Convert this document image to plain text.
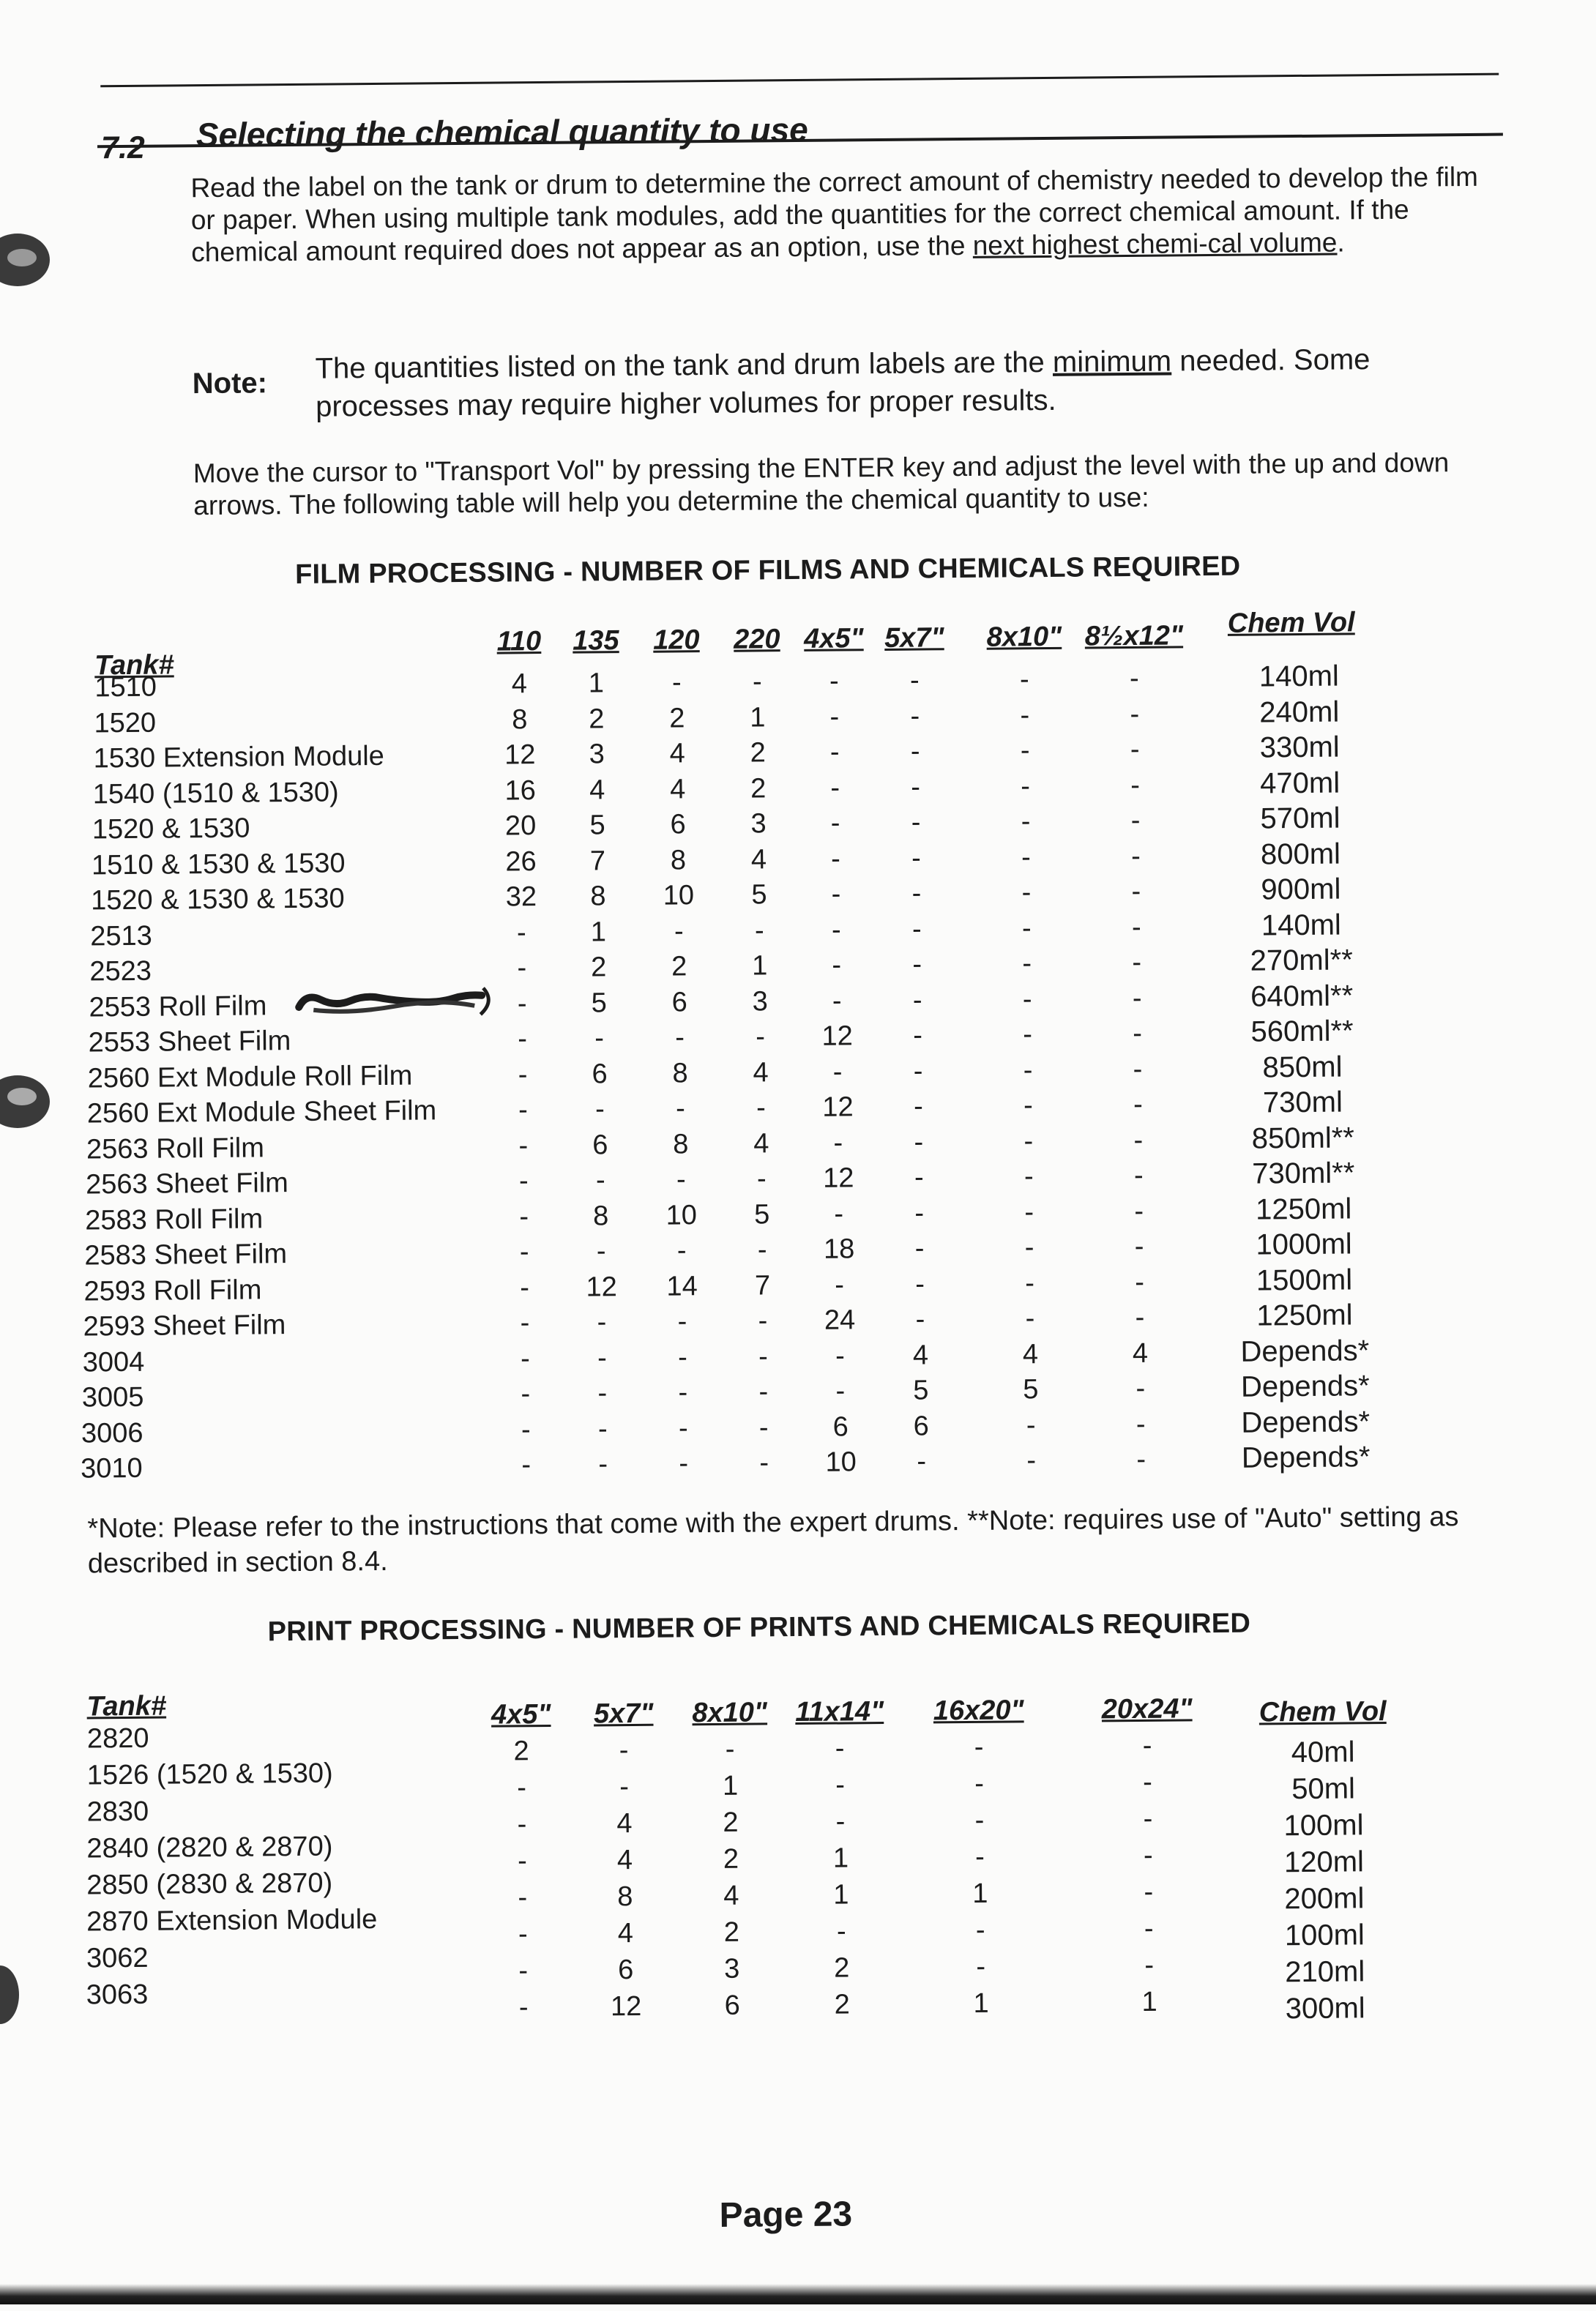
7.2 Selecting the chemical quantity to use
Read the label on the tank or drum to determine the correct amount of chemistry needed to develop the film or paper. When using multiple tank modules, add the quantities for the correct chemical amount. If the chemical amount required does not appear as an option, use the next highest chemi-cal volume.
Note: The quantities listed on the tank and drum labels are the minimum needed. Some processes may require higher volumes for proper results.
Move the cursor to "Transport Vol" by pressing the ENTER key and adjust the level with the up and down arrows. The following table will help you determine the chemical quantity to use:
FILM PROCESSING - NUMBER OF FILMS AND CHEMICALS REQUIRED
Tank#
110	135	120	220 4x5" 5x7"	8x10" 8½x12"	Chem Vol
1510	4	1	-	-	-	-	-	-	140ml
1520	8	2	2	1	-	-	-	-	240ml
1530 Extension Module	12	3	4	2	-	-	-	-	330ml
1540 (1510 & 1530)	16	4	4	2	-	-	-	-	470ml
1520 & 1530	20	5	6	3	-	-	-	-	570ml
1510 & 1530 & 1530	26	7	8	4	-	-	-	-	800ml
1520 & 1530 & 1530	32	8	10	5	-	-	-	-	900ml
2513	-	1	-	-	-	-	-	-	140ml
2523	-	2	2	1	-	-	-	-	270ml**
2553 Roll Film	-	5	6	3	-	-	-	-	640ml**
2553 Sheet Film	-	-	-	-	12	-	-	-	560ml**
2560 Ext Module Roll Film	-	6	8	4	-	-	-	-	850ml
2560 Ext Module Sheet Film	-	-	-	-	12	-	-	-	730ml
2563 Roll Film	-	6	8	4	-	-	-	-	850ml**
2563 Sheet Film	-	-	-	-	12	-	-	-	730ml**
2583 Roll Film	-	8	10	5	-	-	-	-	1250ml
2583 Sheet Film	-	-	-	-	18	-	-	-	1000ml
2593 Roll Film	-	12	14	7	-	-	-	-	1500ml
2593 Sheet Film	-	-	-	-	24	-	-	-	1250ml
3004	-	-	-	-	-	4	4	4	Depends*
3005	-	-	-	-	-	5	5	-	Depends*
3006	-	-	-	-	6	6	-	-	Depends*
3010	-	-	-	-	10	-	-	-	Depends*
*Note: Please refer to the instructions that come with the expert drums. **Note: requires use of "Auto" setting as described in section 8.4.
PRINT PROCESSING - NUMBER OF PRINTS AND CHEMICALS REQUIRED
Tank#	4x5"	5x7"	8x10" 11x14" 16x20"	20x24"	Chem Vol
2820	2	-	-	-	-	-	40ml
1526 (1520 & 1530)	-	-	1	-	-	-	50ml
2830	-	4	2	-	-	-	100ml
2840 (2820 & 2870)	-	4	2	1	-	-	120ml
2850 (2830 & 2870)	-	8	4	1	1	-	200ml
2870 Extension Module	-	4	2	-	-	-	100ml
3062	-	6	3	2	-	-	210ml
3063	-	12	6	2	1	1	300ml
Page 23
